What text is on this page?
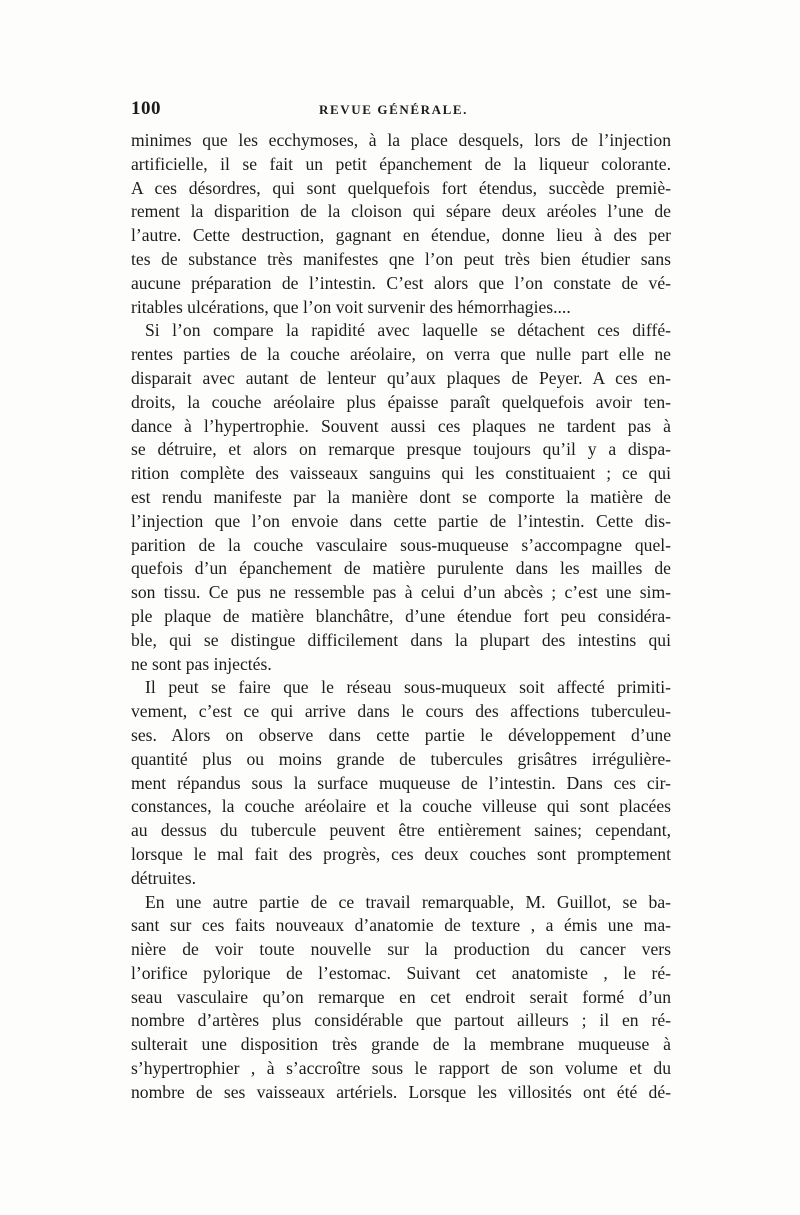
100	REVUE GÉNÉRALE.
minimes que les ecchymoses, à la place desquels, lors de l’injection
artificielle, il se fait un petit épanchement de la liqueur colorante.
A ces désordres, qui sont quelquefois fort étendus, succède premiè-
rement la disparition de la cloison qui sépare deux aréoles l’une de
l’autre. Cette destruction, gagnant en étendue, donne lieu à des per
tes de substance très manifestes qne l’on peut très bien étudier sans
aucune préparation de l’intestin. C’est alors que l’on constate de vé-
ritables ulcérations, que l’on voit survenir des hémorrhagies....
Si l’on compare la rapidité avec laquelle se détachent ces diffé-
rentes parties de la couche aréolaire, on verra que nulle part elle ne
disparait avec autant de lenteur qu’aux plaques de Peyer. A ces en-
droits, la couche aréolaire plus épaisse paraît quelquefois avoir ten-
dance à l’hypertrophie. Souvent aussi ces plaques ne tardent pas à
se détruire, et alors on remarque presque toujours qu’il y a dispa-
rition complète des vaisseaux sanguins qui les constituaient ; ce qui
est rendu manifeste par la manière dont se comporte la matière de
l’injection que l’on envoie dans cette partie de l’intestin. Cette dis-
parition de la couche vasculaire sous-muqueuse s’accompagne quel-
quefois d’un épanchement de matière purulente dans les mailles de
son tissu. Ce pus ne ressemble pas à celui d’un abcès ; c’est une sim-
ple plaque de matière blanchâtre, d’une étendue fort peu considéra-
ble, qui se distingue difficilement dans la plupart des intestins qui
ne sont pas injectés.
Il peut se faire que le réseau sous-muqueux soit affecté primiti-
vement, c’est ce qui arrive dans le cours des affections tuberculeu-
ses. Alors on observe dans cette partie le développement d’une
quantité plus ou moins grande de tubercules grisâtres irrégulière-
ment répandus sous la surface muqueuse de l’intestin. Dans ces cir-
constances, la couche aréolaire et la couche villeuse qui sont placées
au dessus du tubercule peuvent être entièrement saines; cependant,
lorsque le mal fait des progrès, ces deux couches sont promptement
détruites.
En une autre partie de ce travail remarquable, M. Guillot, se ba-
sant sur ces faits nouveaux d’anatomie de texture , a émis une ma-
nière de voir toute nouvelle sur la production du cancer vers
l’orifice pylorique de l’estomac. Suivant cet anatomiste , le ré-
seau vasculaire qu’on remarque en cet endroit serait formé d’un
nombre d’artères plus considérable que partout ailleurs ; il en ré-
sulterait une disposition très grande de la membrane muqueuse à
s’hypertrophier , à s’accroître sous le rapport de son volume et du
nombre de ses vaisseaux artériels. Lorsque les villosités ont été dé-
